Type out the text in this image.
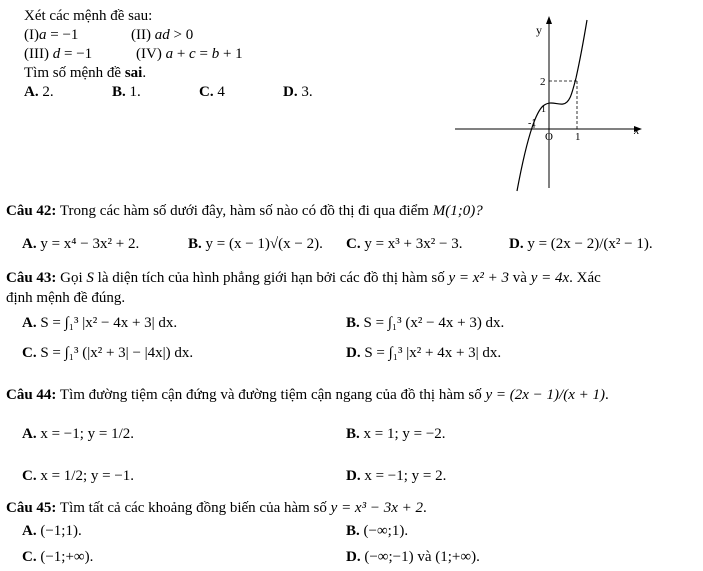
Xét các mệnh đề sau:
(I) a = −1	(II) ad > 0
(III) d = −1	(IV) a + c = b + 1
Tìm số mệnh đề sai.
A. 2.	B. 1.	C. 4	D. 3.
y
x
O 1
2
-1
1
Câu 42: Trong các hàm số dưới đây, hàm số nào có đồ thị đi qua điểm M(1;0)?
A. y = x⁴ − 3x² + 2.	B. y = (x − 1)√(x − 2). C. y = x³ + 3x² − 3.	D. y = (2x − 2)/(x² − 1).
Câu 43: Gọi S là diện tích của hình phẳng giới hạn bởi các đồ thị hàm số y = x² + 3 và y = 4x. Xác
định mệnh đề đúng.
A. S = ∫₁³ |x² − 4x + 3| dx.	B. S = ∫₁³ (x² − 4x + 3) dx.
C. S = ∫₁³ (|x² + 3| − |4x|) dx.	D. S = ∫₁³ |x² + 4x + 3| dx.
Câu 44: Tìm đường tiệm cận đứng và đường tiệm cận ngang của đồ thị hàm số y = (2x − 1)/(x + 1).
A. x = −1; y = 1/2.	B. x = 1; y = −2.
C. x = 1/2; y = −1.	D. x = −1; y = 2.
Câu 45: Tìm tất cả các khoảng đồng biến của hàm số y = x³ − 3x + 2.
A. (−1;1).	B. (−∞;1).
C. (−1;+∞).	D. (−∞;−1) và (1;+∞).
